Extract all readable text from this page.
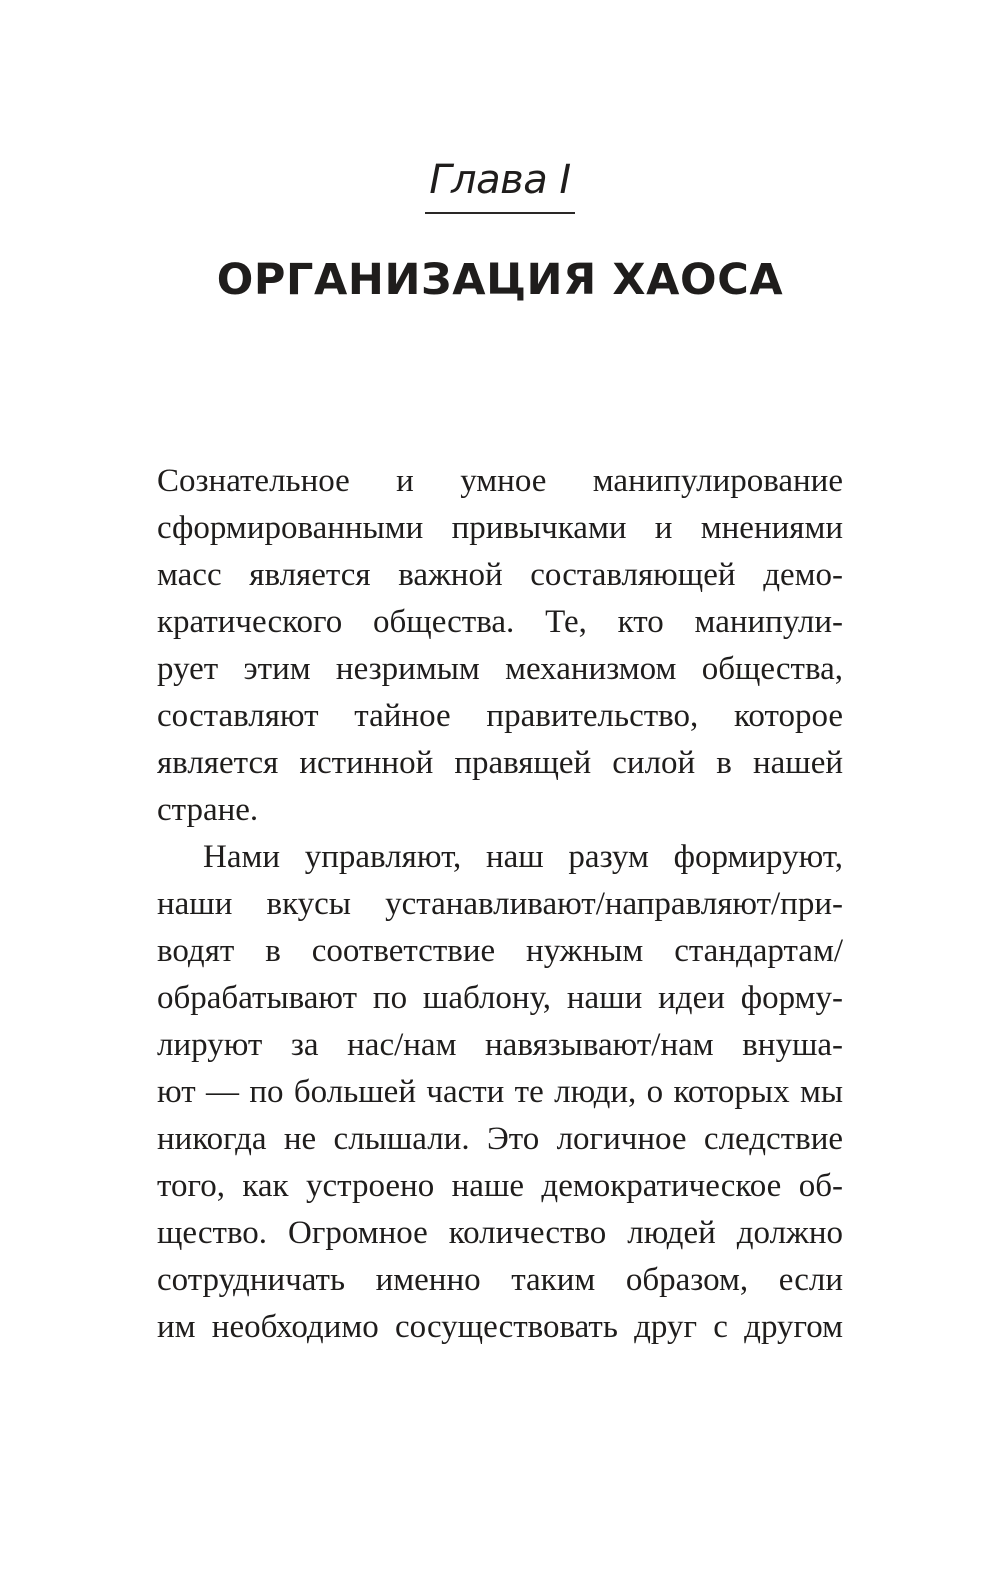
Глава I
ОРГАНИЗАЦИЯ ХАОСА
Сознательное и умное манипулирование
сформированными привычками и мнениями
масс является важной составляющей демо-
кратического общества. Те, кто манипули-
рует этим незримым механизмом общества,
составляют тайное правительство, которое
является истинной правящей силой в нашей
стране.
Нами управляют, наш разум формируют,
наши вкусы устанавливают/направляют/при-
водят в соответствие нужным стандартам/
обрабатывают по шаблону, наши идеи форму-
лируют за нас/нам навязывают/нам внуша-
ют — по большей части те люди, о которых мы
никогда не слышали. Это логичное следствие
того, как устроено наше демократическое об-
щество. Огромное количество людей должно
сотрудничать именно таким образом, если
им необходимо сосуществовать друг с другом
